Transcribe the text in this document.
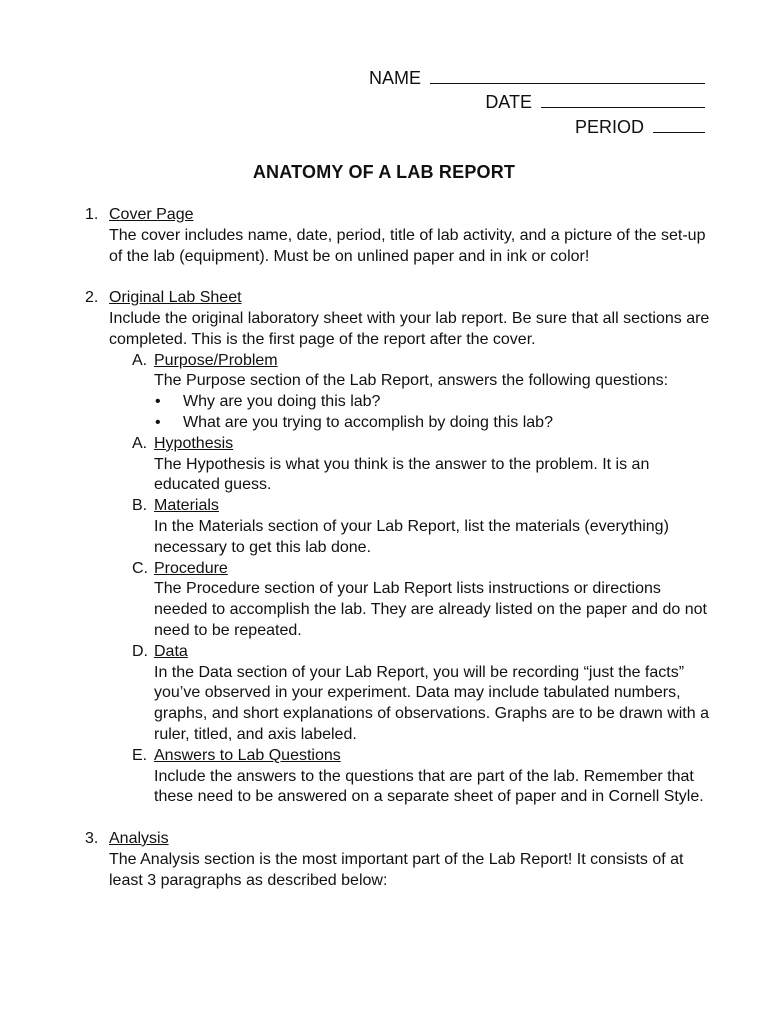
NAME
DATE
PERIOD
ANATOMY OF A LAB REPORT
1. Cover Page
The cover includes name, date, period, title of lab activity, and a picture of the set-up of the lab (equipment). Must be on unlined paper and in ink or color!
2. Original Lab Sheet
Include the original laboratory sheet with your lab report. Be sure that all sections are completed. This is the first page of the report after the cover.
A. Purpose/Problem
The Purpose section of the Lab Report, answers the following questions:
•	Why are you doing this lab?
•	What are you trying to accomplish by doing this lab?
A. Hypothesis
The Hypothesis is what you think is the answer to the problem. It is an educated guess.
B. Materials
In the Materials section of your Lab Report, list the materials (everything) necessary to get this lab done.
C. Procedure
The Procedure section of your Lab Report lists instructions or directions needed to accomplish the lab. They are already listed on the paper and do not need to be repeated.
D. Data
In the Data section of your Lab Report, you will be recording “just the facts” you’ve observed in your experiment. Data may include tabulated numbers, graphs, and short explanations of observations. Graphs are to be drawn with a ruler, titled, and axis labeled.
E. Answers to Lab Questions
Include the answers to the questions that are part of the lab. Remember that these need to be answered on a separate sheet of paper and in Cornell Style.
3. Analysis
The Analysis section is the most important part of the Lab Report! It consists of at least 3 paragraphs as described below:
